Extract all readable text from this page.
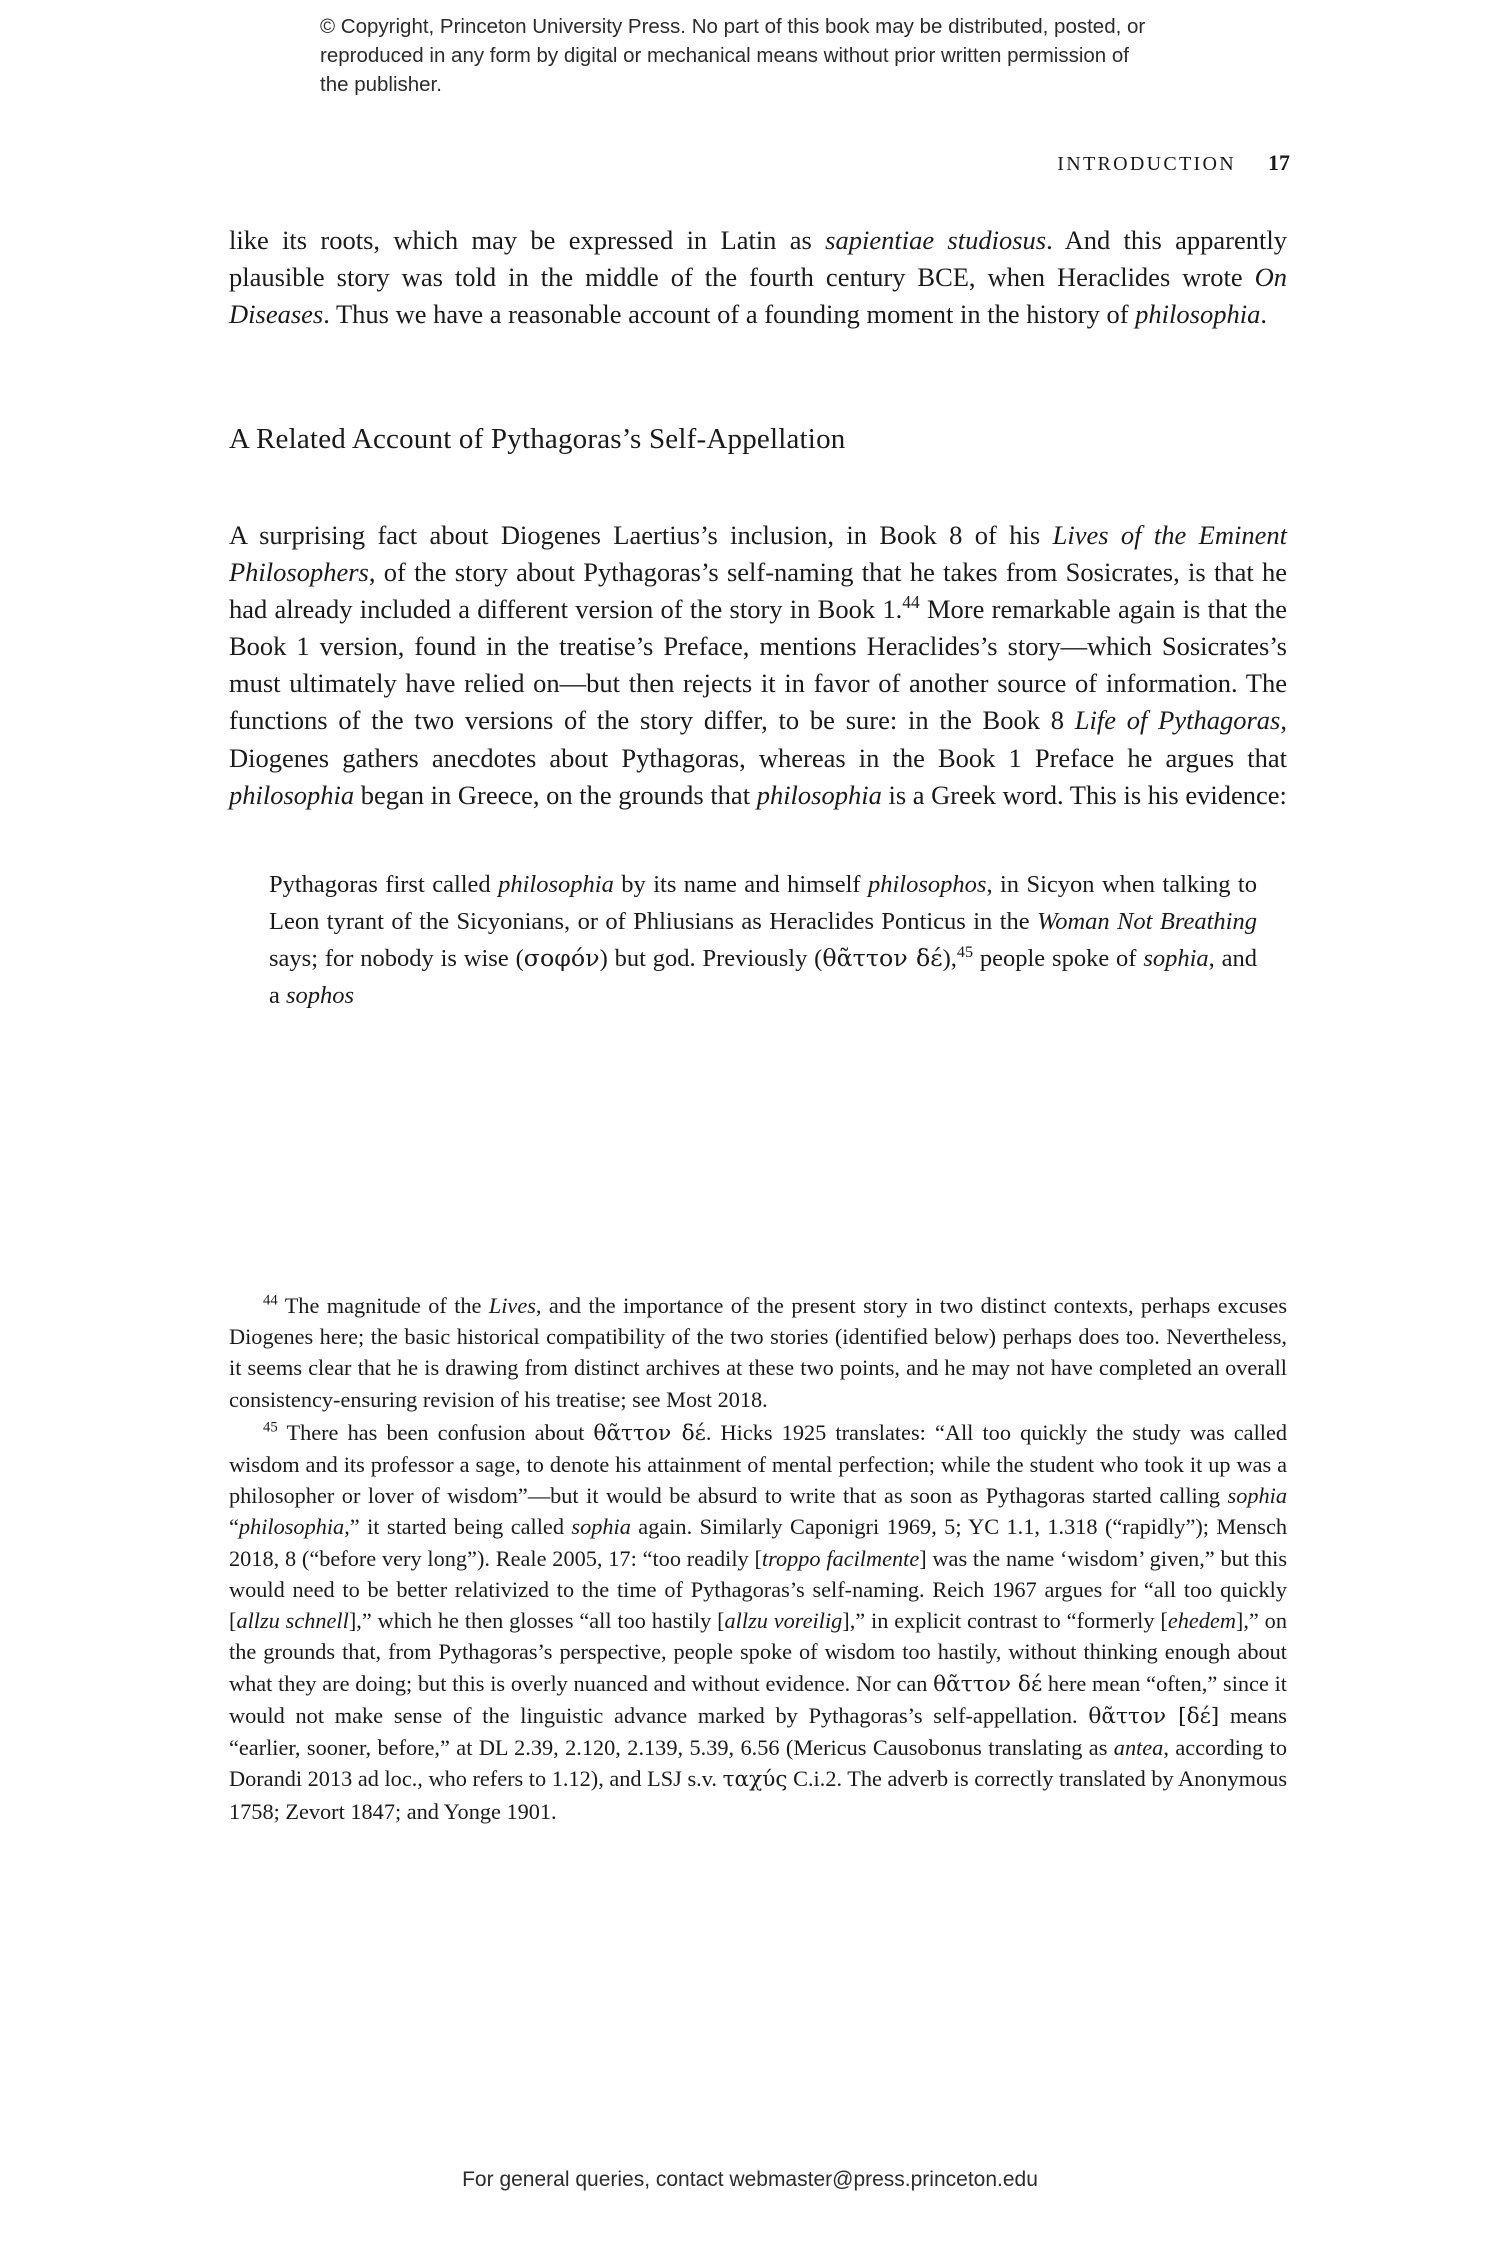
© Copyright, Princeton University Press. No part of this book may be distributed, posted, or reproduced in any form by digital or mechanical means without prior written permission of the publisher.
INTRODUCTION 17

like its roots, which may be expressed in Latin as sapientiae studiosus. And this apparently plausible story was told in the middle of the fourth century BCE, when Heraclides wrote On Diseases. Thus we have a reasonable account of a founding moment in the history of philosophia.

A Related Account of Pythagoras’s Self-Appellation

A surprising fact about Diogenes Laertius’s inclusion, in Book 8 of his Lives of the Eminent Philosophers, of the story about Pythagoras’s self-naming that he takes from Sosicrates, is that he had already included a different version of the story in Book 1.44 More remarkable again is that the Book 1 version, found in the treatise’s Preface, mentions Heraclides’s story—which Sosicrates’s must ultimately have relied on—but then rejects it in favor of another source of information. The functions of the two versions of the story differ, to be sure: in the Book 8 Life of Pythagoras, Diogenes gathers anecdotes about Pythagoras, whereas in the Book 1 Preface he argues that philosophia began in Greece, on the grounds that philosophia is a Greek word. This is his evidence:

Pythagoras first called philosophia by its name and himself philosophos, in Sicyon when talking to Leon tyrant of the Sicyonians, or of Phliusians as Heraclides Ponticus in the Woman Not Breathing says; for nobody is wise (σοφόν) but god. Previously (θᾶττον δέ),$^{45}$ people spoke of sophia, and a sophos

$^{44}$ The magnitude of the Lives, and the importance of the present story in two distinct contexts, perhaps excuses Diogenes here; the basic historical compatibility of the two stories (identified below) perhaps does too. Nevertheless, it seems clear that he is drawing from distinct archives at these two points, and he may not have completed an overall consistency-ensuring revision of his treatise; see Most 2018.

$^{45}$ There has been confusion about θᾶττον δέ. Hicks 1925 translates: “All too quickly the study was called wisdom and its professor a sage, to denote his attainment of mental perfection; while the student who took it up was a philosopher or lover of wisdom”—but it would be absurd to write that as soon as Pythagoras started calling sophia “philosophia,” it started being called sophia again. Similarly Caponigri 1969, 5; YC 1.1, 1.318 (“rapidly”); Mensch 2018, 8 (“before very long”). Reale 2005, 17: “too readily [troppo facilmente] was the name ‘wisdom’ given,” but this would need to be better relativized to the time of Pythagoras’s self-naming. Reich 1967 argues for “all too quickly [allzu schnell],” which he then glosses “all too hastily [allzu voreilig],” in explicit contrast to “formerly [ehedem],” on the grounds that, from Pythagoras’s perspective, people spoke of wisdom too hastily, without thinking enough about what they are doing; but this is overly nuanced and without evidence. Nor can θᾶττον δέ here mean “often,” since it would not make sense of the linguistic advance marked by Pythagoras’s self-appellation. θᾶττον [δέ] means “earlier, sooner, before,” at DL 2.39, 2.120, 2.139, 5.39, 6.56 (Mericus Causobonus translating as antea, according to Dorandi 2013 ad loc., who refers to 1.12), and LSJ s.v. ταχύς C.i.2. The adverb is correctly translated by Anonymous 1758; Zevort 1847; and Yonge 1901.

For general queries, contact webmaster@press.princeton.edu
